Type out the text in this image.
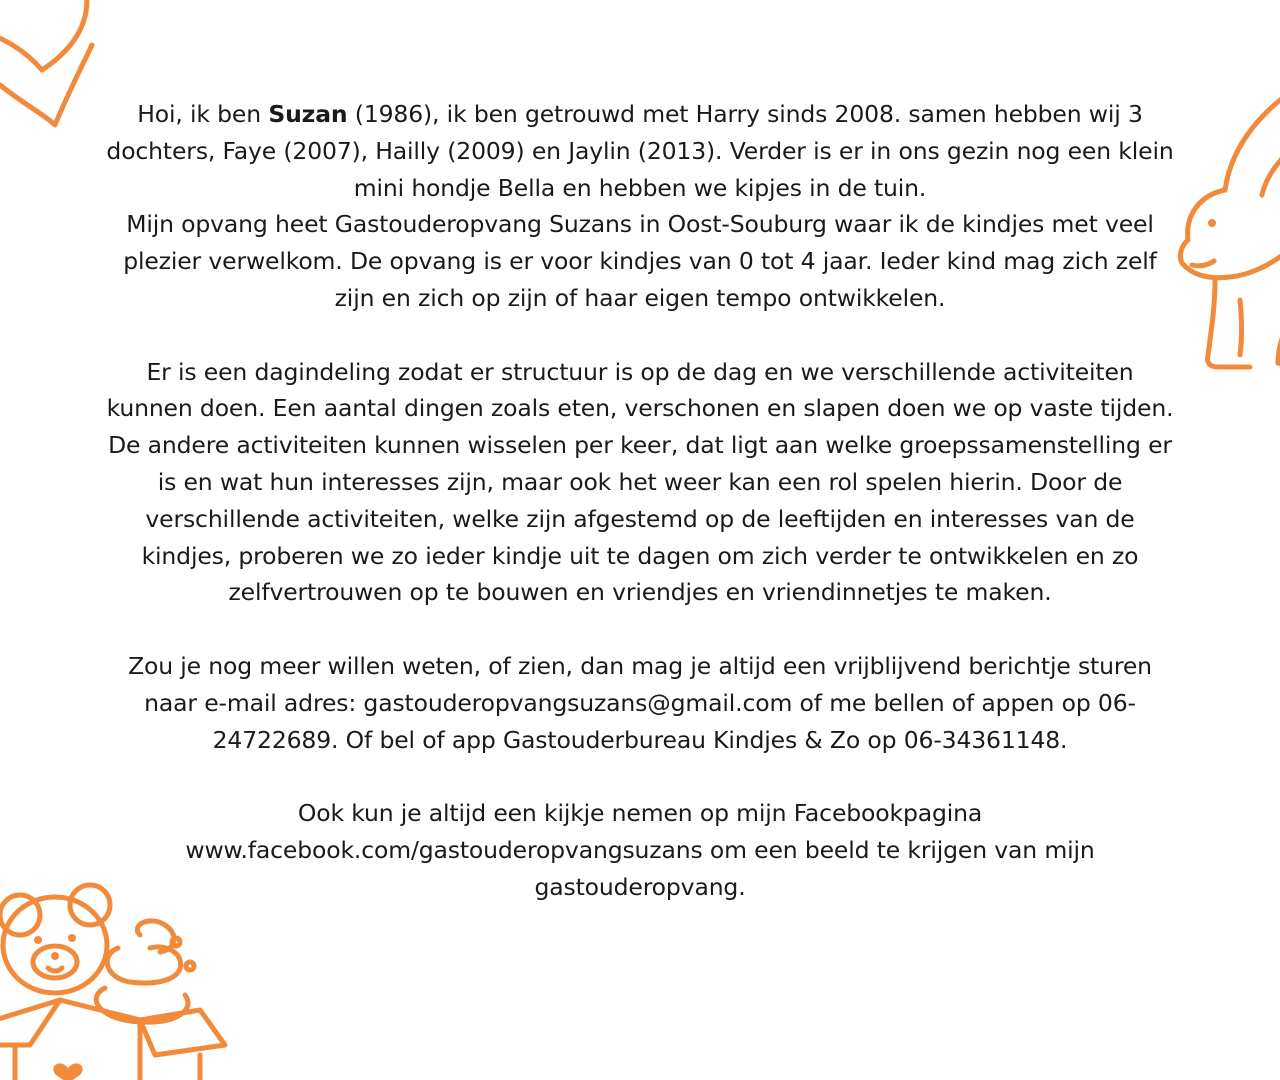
Hoi, ik ben Suzan (1986), ik ben getrouwd met Harry sinds 2008. samen hebben wij 3 dochters, Faye (2007), Hailly (2009) en Jaylin (2013). Verder is er in ons gezin nog een klein mini hondje Bella en hebben we kipjes in de tuin.

Mijn opvang heet Gastouderopvang Suzans in Oost-Souburg waar ik de kindjes met veel plezier verwelkom. De opvang is er voor kindjes van 0 tot 4 jaar. Ieder kind mag zich zelf zijn en zich op zijn of haar eigen tempo ontwikkelen.

Er is een dagindeling zodat er structuur is op de dag en we verschillende activiteiten kunnen doen. Een aantal dingen zoals eten, verschonen en slapen doen we op vaste tijden. De andere activiteiten kunnen wisselen per keer, dat ligt aan welke groepssamenstelling er is en wat hun interesses zijn, maar ook het weer kan een rol spelen hierin. Door de verschillende activiteiten, welke zijn afgestemd op de leeftijden en interesses van de kindjes, proberen we zo ieder kindje uit te dagen om zich verder te ontwikkelen en zo zelfvertrouwen op te bouwen en vriendjes en vriendinnetjes te maken.

Zou je nog meer willen weten, of zien, dan mag je altijd een vrijblijvend berichtje sturen naar e-mail adres: gastouderopvangsuzans@gmail.com of me bellen of appen op 06-24722689. Of bel of app Gastouderbureau Kindjes & Zo op 06-34361148.

Ook kun je altijd een kijkje nemen op mijn Facebookpagina www.facebook.com/gastouderopvangsuzans om een beeld te krijgen van mijn gastouderopvang.
